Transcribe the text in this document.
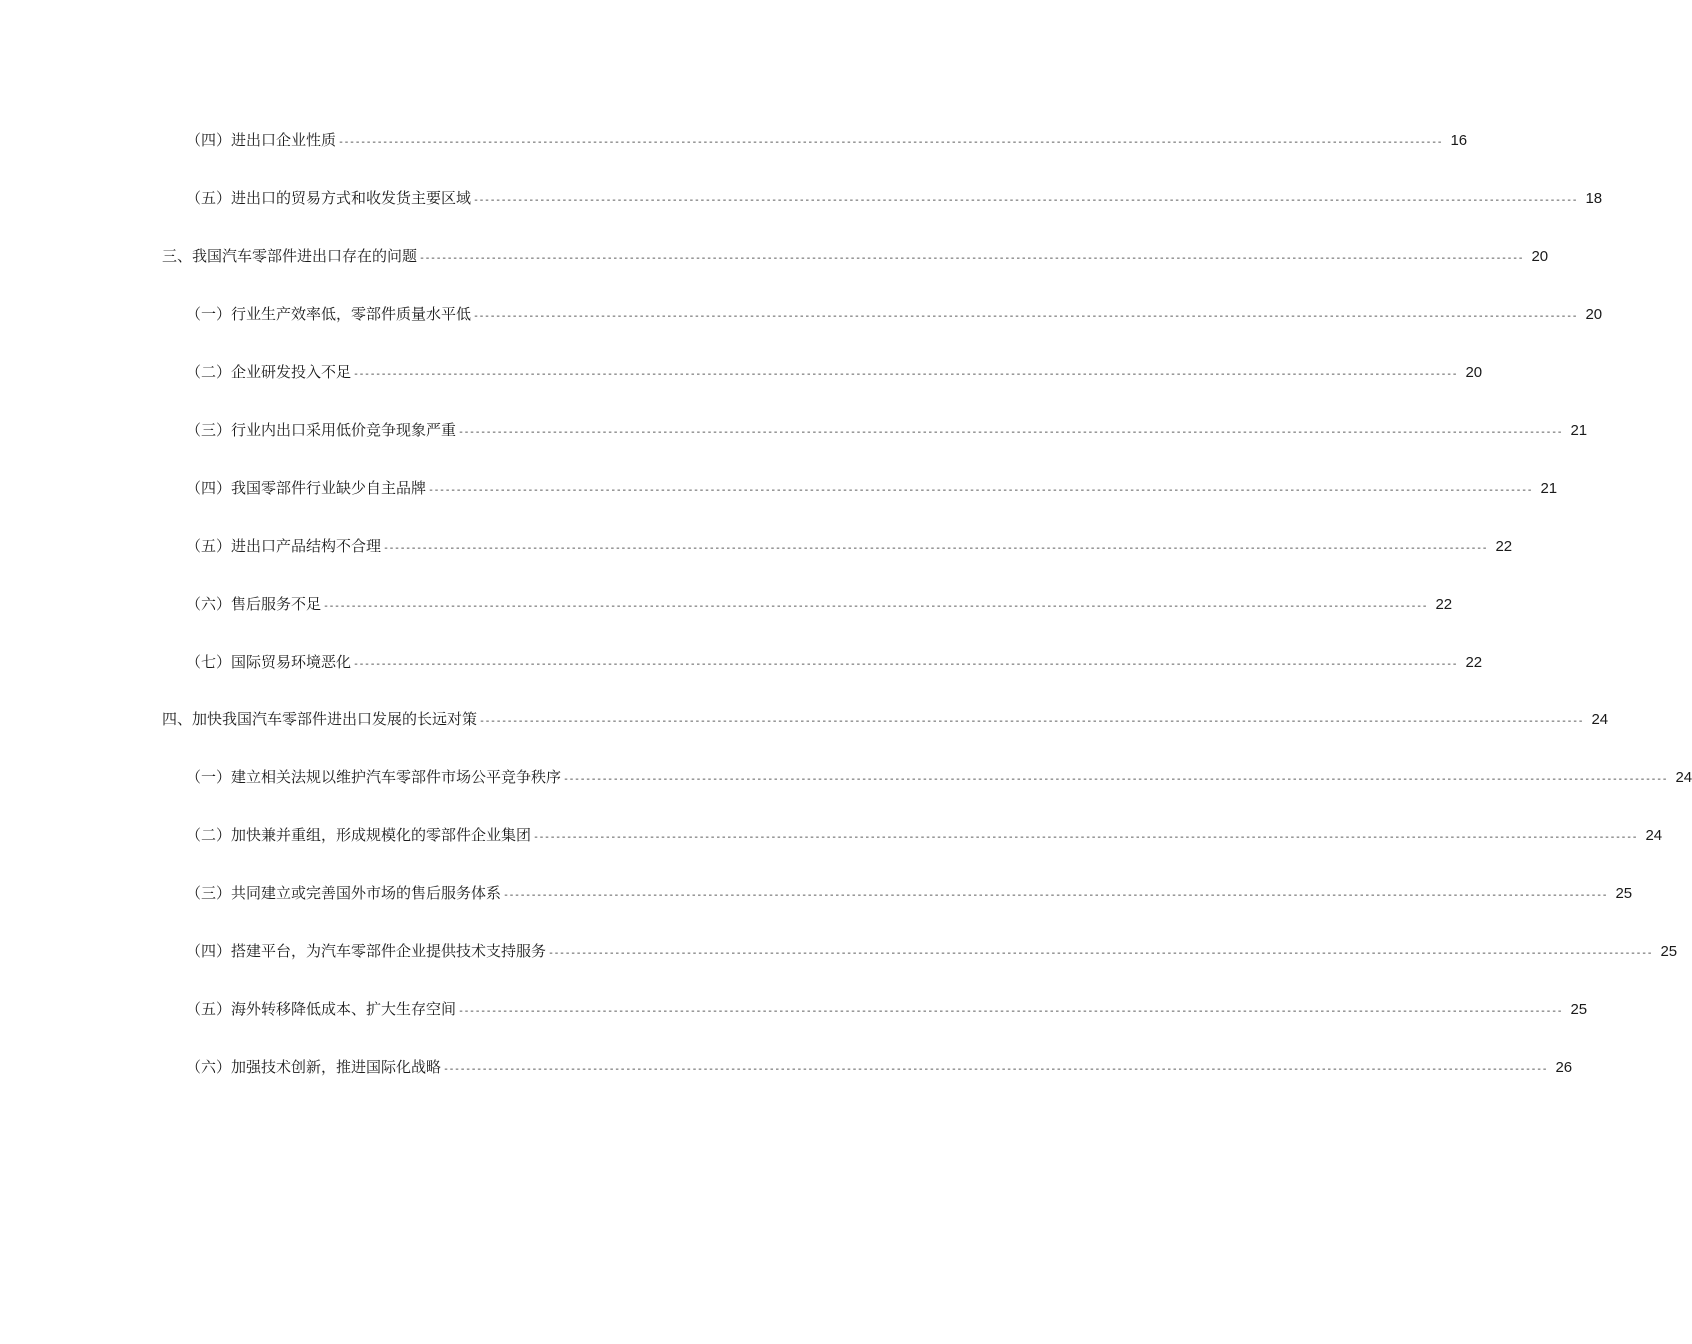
（四）进出口企业性质 -------------------------------------------------------------------------------------------------------------------------------------------------------------------------------------------------------- 16
（五）进出口的贸易方式和收发货主要区域 -------------------------------------------------------------------------------------------------------------------------------------------------------------------------------------------------------- 18
三、我国汽车零部件进出口存在的问题 -------------------------------------------------------------------------------------------------------------------------------------------------------------------------------------------------------- 20
（一）行业生产效率低，零部件质量水平低 -------------------------------------------------------------------------------------------------------------------------------------------------------------------------------------------------------- 20
（二）企业研发投入不足 -------------------------------------------------------------------------------------------------------------------------------------------------------------------------------------------------------- 20
（三）行业内出口采用低价竞争现象严重 -------------------------------------------------------------------------------------------------------------------------------------------------------------------------------------------------------- 21
（四）我国零部件行业缺少自主品牌 -------------------------------------------------------------------------------------------------------------------------------------------------------------------------------------------------------- 21
（五）进出口产品结构不合理 -------------------------------------------------------------------------------------------------------------------------------------------------------------------------------------------------------- 22
（六）售后服务不足 -------------------------------------------------------------------------------------------------------------------------------------------------------------------------------------------------------- 22
（七）国际贸易环境恶化 -------------------------------------------------------------------------------------------------------------------------------------------------------------------------------------------------------- 22
四、加快我国汽车零部件进出口发展的长远对策 -------------------------------------------------------------------------------------------------------------------------------------------------------------------------------------------------------- 24
（一）建立相关法规以维护汽车零部件市场公平竞争秩序 -------------------------------------------------------------------------------------------------------------------------------------------------------------------------------------------------------- 24
（二）加快兼并重组，形成规模化的零部件企业集团 -------------------------------------------------------------------------------------------------------------------------------------------------------------------------------------------------------- 24
（三）共同建立或完善国外市场的售后服务体系 -------------------------------------------------------------------------------------------------------------------------------------------------------------------------------------------------------- 25
（四）搭建平台，为汽车零部件企业提供技术支持服务 -------------------------------------------------------------------------------------------------------------------------------------------------------------------------------------------------------- 25
（五）海外转移降低成本、扩大生存空间 -------------------------------------------------------------------------------------------------------------------------------------------------------------------------------------------------------- 25
（六）加强技术创新，推进国际化战略 -------------------------------------------------------------------------------------------------------------------------------------------------------------------------------------------------------- 26
